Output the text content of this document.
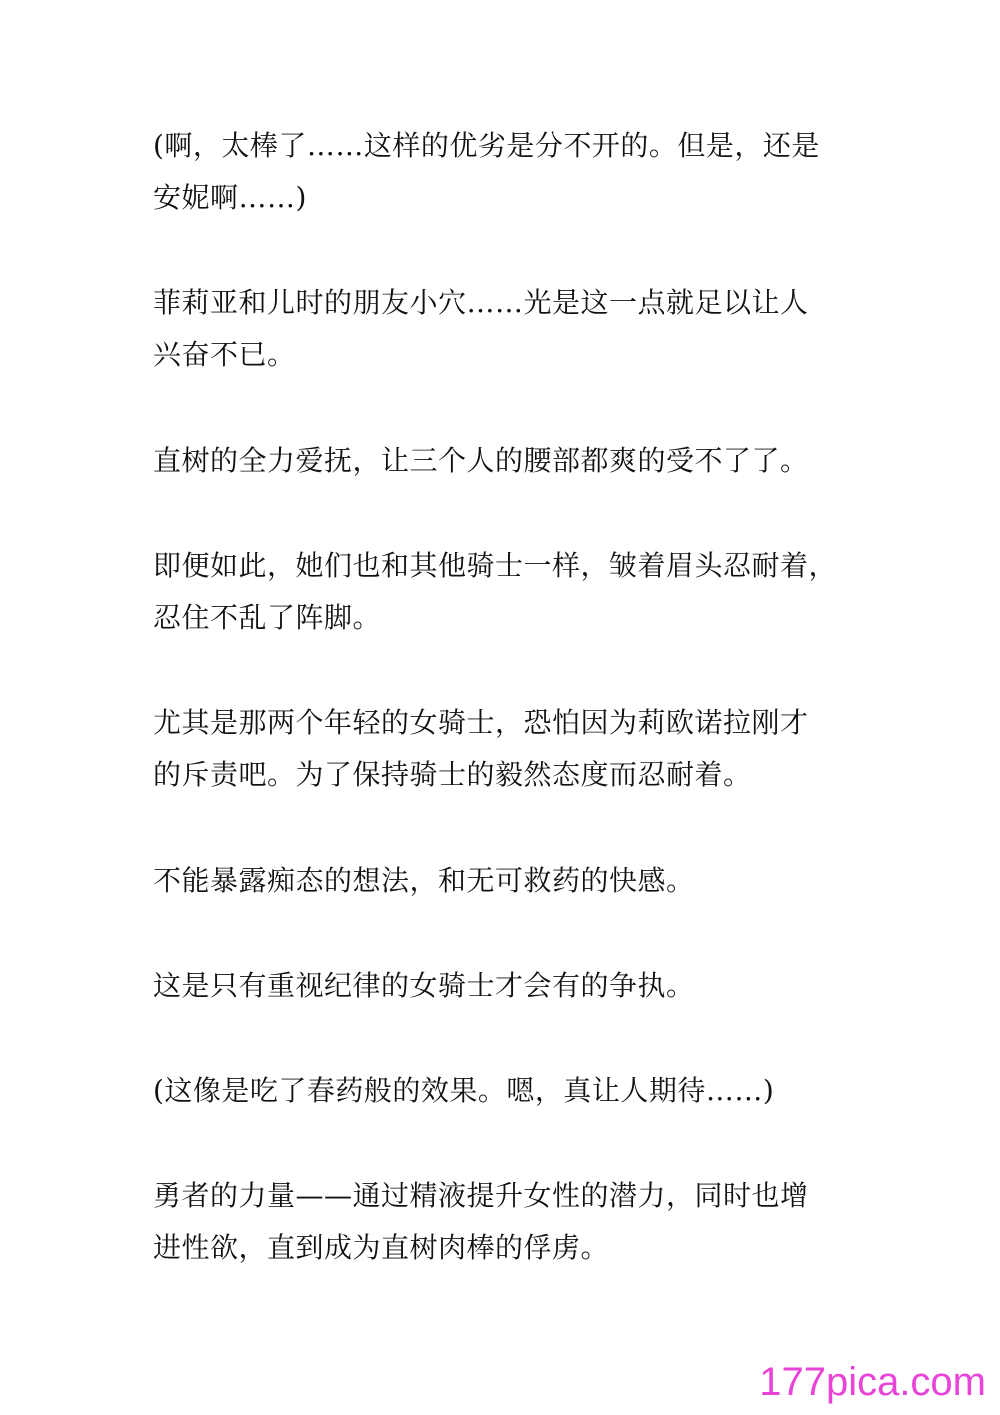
(啊，太棒了……这样的优劣是分不开的。但是，还是
安妮啊……)
菲莉亚和儿时的朋友小穴……光是这一点就足以让人
兴奋不已。
直树的全力爱抚，让三个人的腰部都爽的受不了了。
即便如此，她们也和其他骑士一样，皱着眉头忍耐着，
忍住不乱了阵脚。
尤其是那两个年轻的女骑士，恐怕因为莉欧诺拉刚才
的斥责吧。为了保持骑士的毅然态度而忍耐着。
不能暴露痴态的想法，和无可救药的快感。
这是只有重视纪律的女骑士才会有的争执。
(这像是吃了春药般的效果。嗯，真让人期待……)
勇者的力量——通过精液提升女性的潜力，同时也增
进性欲，直到成为直树肉棒的俘虏。
177pica.com
